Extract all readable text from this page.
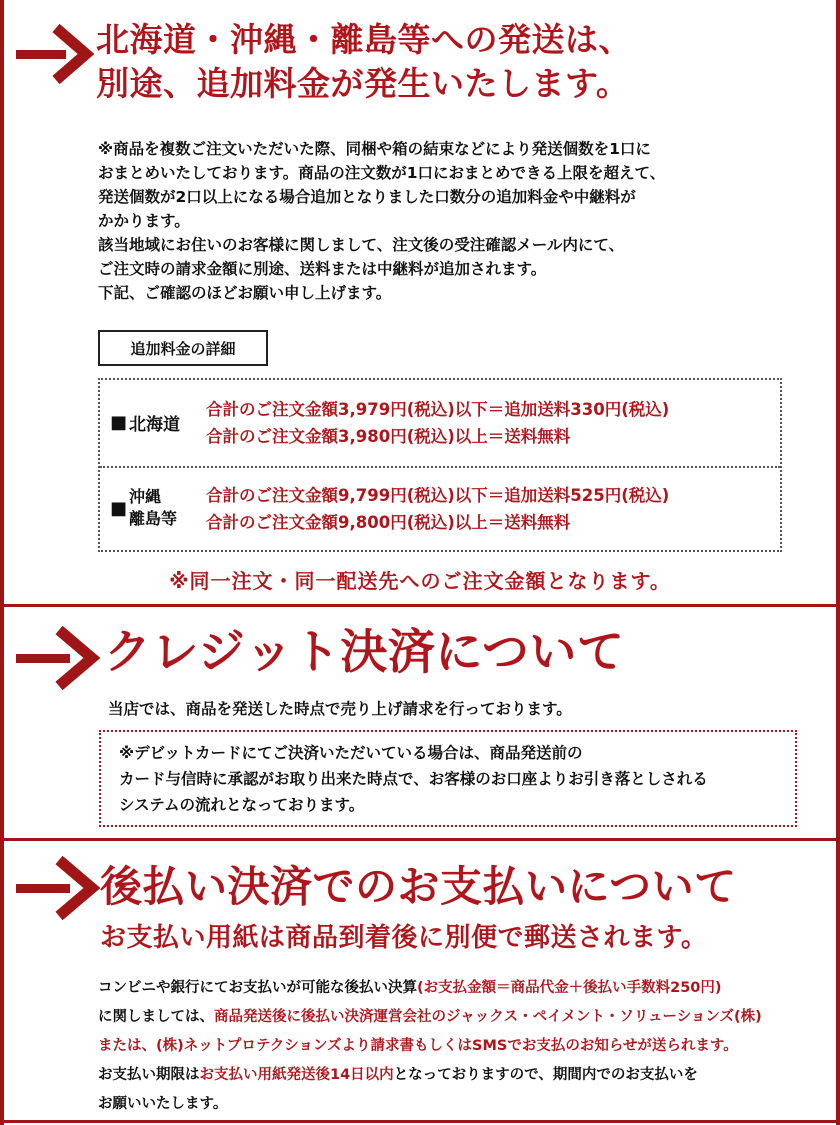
北海道・沖縄・離島等への発送は、
別途、追加料金が発生いたします。
※商品を複数ご注文いただいた際、同梱や箱の結束などにより発送個数を1口に
おまとめいたしております。商品の注文数が1口におまとめできる上限を超えて、
発送個数が2口以上になる場合追加となりました口数分の追加料金や中継料が
かかります。
該当地域にお住いのお客様に関しまして、注文後の受注確認メール内にて、
ご注文時の請求金額に別途、送料または中継料が追加されます。
下記、ご確認のほどお願い申し上げます。
追加料金の詳細
■ 北海道
合計のご注文金額3,979円(税込)以下＝追加送料330円(税込)
合計のご注文金額3,980円(税込)以上＝送料無料
■
沖縄
離島等
合計のご注文金額9,799円(税込)以下＝追加送料525円(税込)
合計のご注文金額9,800円(税込)以上＝送料無料
※同一注文・同一配送先へのご注文金額となります。
クレジット決済について
当店では、商品を発送した時点で売り上げ請求を行っております。
※デビットカードにてご決済いただいている場合は、商品発送前の
カード与信時に承認がお取り出来た時点で、お客様のお口座よりお引き落としされる
システムの流れとなっております。
後払い決済でのお支払いについて
お支払い用紙は商品到着後に別便で郵送されます。
コンビニや銀行にてお支払いが可能な後払い決算(お支払金額＝商品代金＋後払い手数料250円)
に関しましては、商品発送後に後払い決済運営会社のジャックス・ペイメント・ソリューションズ(株)
または、(株)ネットプロテクションズより請求書もしくはSMSでお支払のお知らせが送られます。
お支払い期限はお支払い用紙発送後14日以内となっておりますので、期間内でのお支払いを
お願いいたします。
